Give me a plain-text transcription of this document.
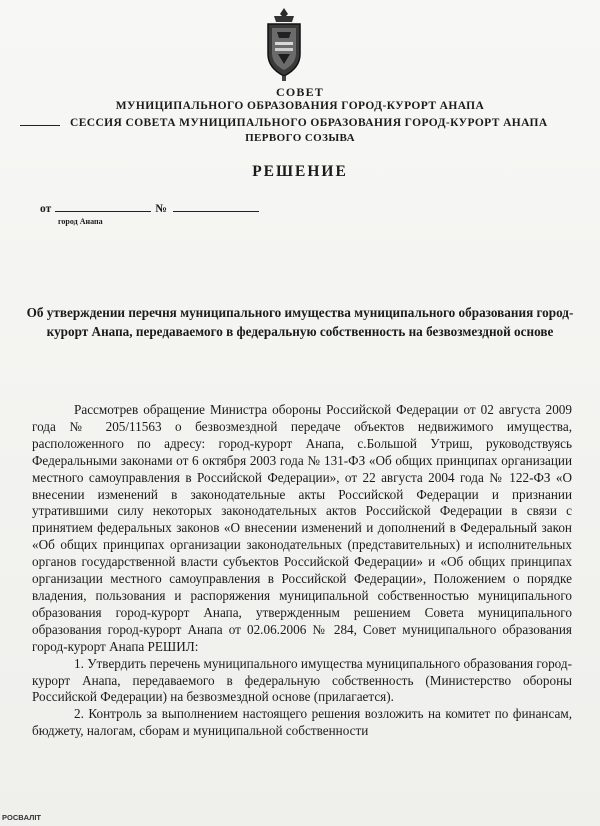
СОВЕТ
МУНИЦИПАЛЬНОГО ОБРАЗОВАНИЯ ГОРОД-КУРОРТ АНАПА
СЕССИЯ СОВЕТА МУНИЦИПАЛЬНОГО ОБРАЗОВАНИЯ ГОРОД-КУРОРТ АНАПА
ПЕРВОГО СОЗЫВА
РЕШЕНИЕ
от	№
город Анапа
Об утверждении перечня муниципального имущества муниципального образования город-курорт Анапа, передаваемого в федеральную собственность на безвозмездной основе

Рассмотрев обращение Министра обороны Российской Федерации от 02 августа 2009 года № 205/11563 о безвозмездной передаче объектов недвижимого имущества, расположенного по адресу: город-курорт Анапа, с.Большой Утриш, руководствуясь Федеральными законами от 6 октября 2003 года № 131-ФЗ «Об общих принципах организации местного самоуправления в Российской Федерации», от 22 августа 2004 года № 122-ФЗ «О внесении изменений в законодательные акты Российской Федерации и признании утратившими силу некоторых законодательных актов Российской Федерации в связи с принятием федеральных законов «О внесении изменений и дополнений в Федеральный закон «Об общих принципах организации законодательных (представительных) и исполнительных органов государственной власти субъектов Российской Федерации» и «Об общих принципах организации местного самоуправления в Российской Федерации», Положением о порядке владения, пользования и распоряжения муниципальной собственностью муниципального образования город-курорт Анапа, утвержденным решением Совета муниципального образования город-курорт Анапа от 02.06.2006 № 284, Совет муниципального образования город-курорт Анапа РЕШИЛ:

1. Утвердить перечень муниципального имущества муниципального образования город-курорт Анапа, передаваемого в федеральную собственность (Министерство обороны Российской Федерации) на безвозмездной основе (прилагается).

2. Контроль за выполнением настоящего решения возложить на комитет по финансам, бюджету, налогам, сборам и муниципальной собственности

POCBAЛIT
